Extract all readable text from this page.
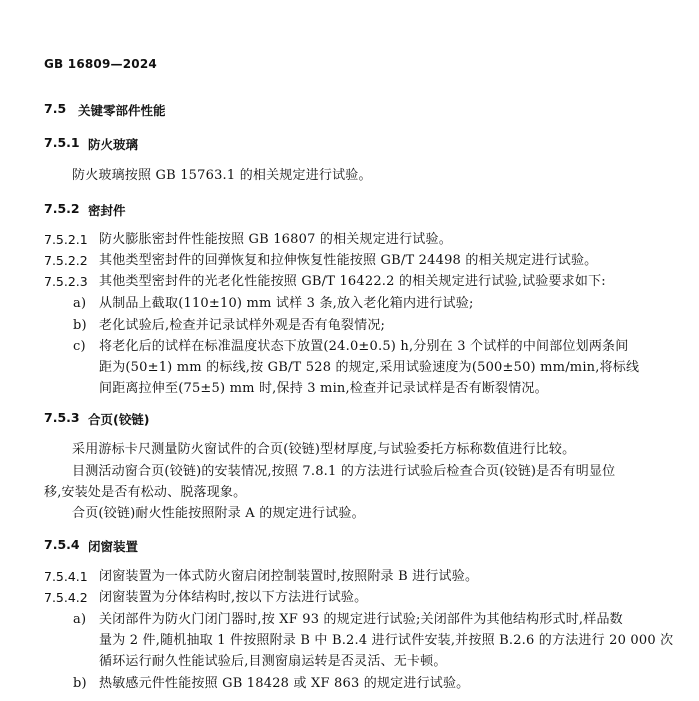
GB 16809—2024
7.5 关键零部件性能
7.5.1 防火玻璃
防火玻璃按照 GB 15763.1 的相关规定进行试验。
7.5.2 密封件
7.5.2.1 防火膨胀密封件性能按照 GB 16807 的相关规定进行试验。
7.5.2.2 其他类型密封件的回弹恢复和拉伸恢复性能按照 GB/T 24498 的相关规定进行试验。
7.5.2.3 其他类型密封件的光老化性能按照 GB/T 16422.2 的相关规定进行试验,试验要求如下:
a) 从制品上截取(110±10) mm 试样 3 条,放入老化箱内进行试验;
b) 老化试验后,检查并记录试样外观是否有龟裂情况;
c) 将老化后的试样在标准温度状态下放置(24.0±0.5) h,分别在 3 个试样的中间部位划两条间
距为(50±1) mm 的标线,按 GB/T 528 的规定,采用试验速度为(500±50) mm/min,将标线
间距离拉伸至(75±5) mm 时,保持 3 min,检查并记录试样是否有断裂情况。
7.5.3 合页(铰链)
采用游标卡尺测量防火窗试件的合页(铰链)型材厚度,与试验委托方标称数值进行比较。
目测活动窗合页(铰链)的安装情况,按照 7.8.1 的方法进行试验后检查合页(铰链)是否有明显位
移,安装处是否有松动、脱落现象。
合页(铰链)耐火性能按照附录 A 的规定进行试验。
7.5.4 闭窗装置
7.5.4.1 闭窗装置为一体式防火窗启闭控制装置时,按照附录 B 进行试验。
7.5.4.2 闭窗装置为分体结构时,按以下方法进行试验。
a) 关闭部件为防火门闭门器时,按 XF 93 的规定进行试验;关闭部件为其他结构形式时,样品数
量为 2 件,随机抽取 1 件按照附录 B 中 B.2.4 进行试件安装,并按照 B.2.6 的方法进行 20 000 次
循环运行耐久性能试验后,目测窗扇运转是否灵活、无卡顿。
b) 热敏感元件性能按照 GB 18428 或 XF 863 的规定进行试验。
